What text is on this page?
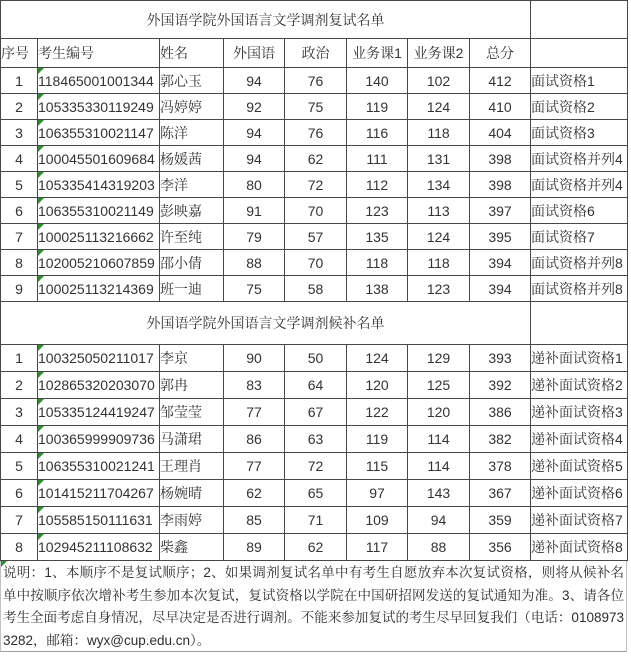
外国语学院外国语言文学调剂复试名单								
序号	考生编号	姓名	外国语	政治	业务课1	业务课2	总分	
1	118465001001344	郭心玉	94	76	140	102	412	面试资格1
2	105335330119249	冯婷婷	92	75	119	124	410	面试资格2
3	106355310021147	陈洋	94	76	116	118	404	面试资格3
4	100045501609684	杨媛茜	94	62	111	131	398	面试资格并列4
5	105335414319203	李洋	80	72	112	134	398	面试资格并列4
6	106355310021149	彭映嘉	91	70	123	113	397	面试资格6
7	100025113216662	许至纯	79	57	135	124	395	面试资格7
8	102005210607859	邵小倩	88	70	118	118	394	面试资格并列8
9	100025113214369	班一迪	75	58	138	123	394	面试资格并列8
外国语学院外国语言文学调剂候补名单								
1	100325050211017	李京	90	50	124	129	393	递补面试资格1
2	102865320203070	郭冉	83	64	120	125	392	递补面试资格2
3	105335124419247	邹莹莹	77	67	122	120	386	递补面试资格3
4	100365999909736	马潇珺	86	63	119	114	382	递补面试资格4
5	106355310021241	王理肖	77	72	115	114	378	递补面试资格5
6	101415211704267	杨婉晴	62	65	97	143	367	递补面试资格6
7	105585150111631	李雨婷	85	71	109	94	359	递补面试资格7
8	102945211108632	柴鑫	89	62	117	88	356	递补面试资格8
说明：1、本顺序不是复试顺序；2、如果调剂复试名单中有考生自愿放弃本次复试资格，则将从候补名单中按顺序依次增补考生参加本次复试，复试资格以学院在中国研招网发送的复试通知为准。3、请各位考生全面考虑自身情况，尽早决定是否进行调剂。不能来参加复试的考生尽早回复我们（电话：01089733282，邮箱：wyx@cup.edu.cn）。
